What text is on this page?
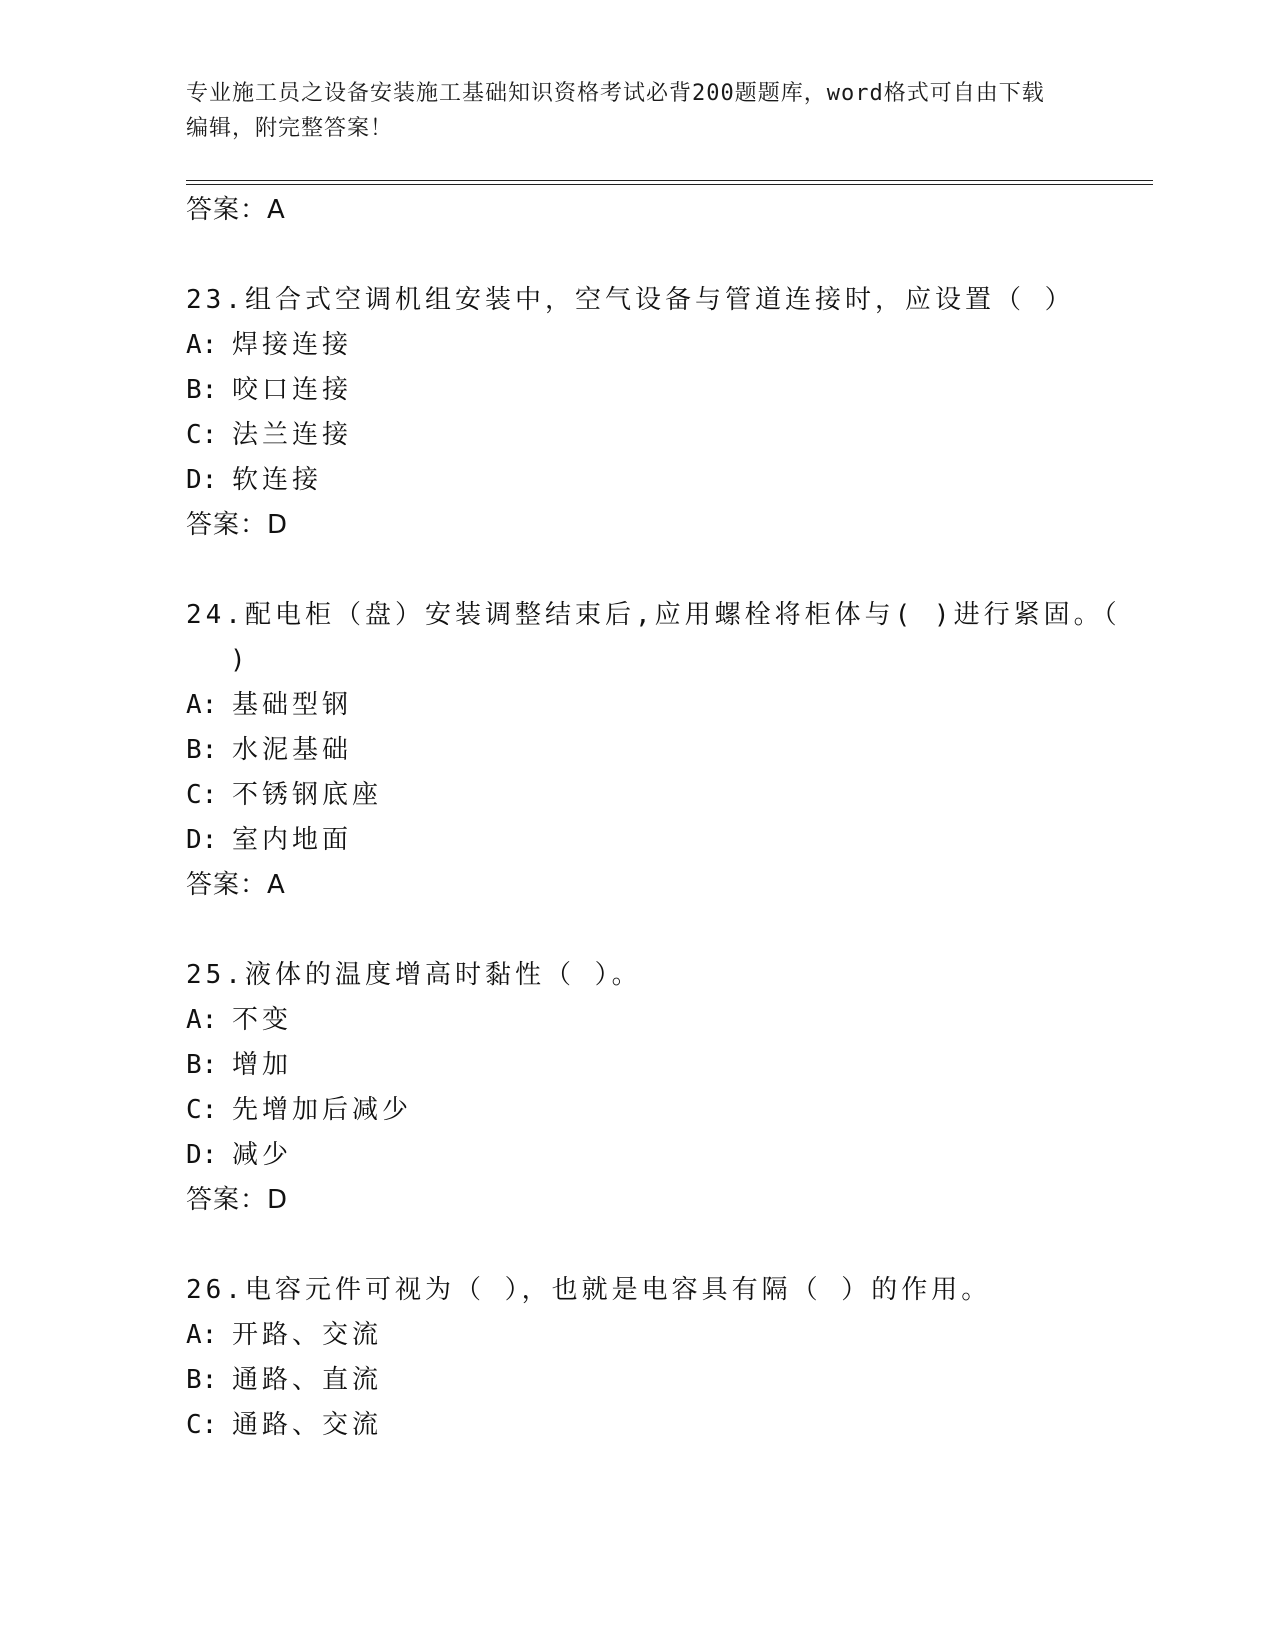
专业施工员之设备安装施工基础知识资格考试必背200题题库，word格式可自由下载编辑，附完整答案！
答案：A
23.组合式空调机组安装中，空气设备与管道连接时，应设置（ ）
A: 焊接连接
B: 咬口连接
C: 法兰连接
D: 软连接
答案：D
24.配电柜（盘）安装调整结束后,应用螺栓将柜体与( )进行紧固。（
)
A: 基础型钢
B: 水泥基础
C: 不锈钢底座
D: 室内地面
答案：A
25.液体的温度增高时黏性（ ）。
A: 不变
B: 增加
C: 先增加后减少
D: 减少
答案：D
26.电容元件可视为（ ），也就是电容具有隔（ ）的作用。
A: 开路、交流
B: 通路、直流
C: 通路、交流
